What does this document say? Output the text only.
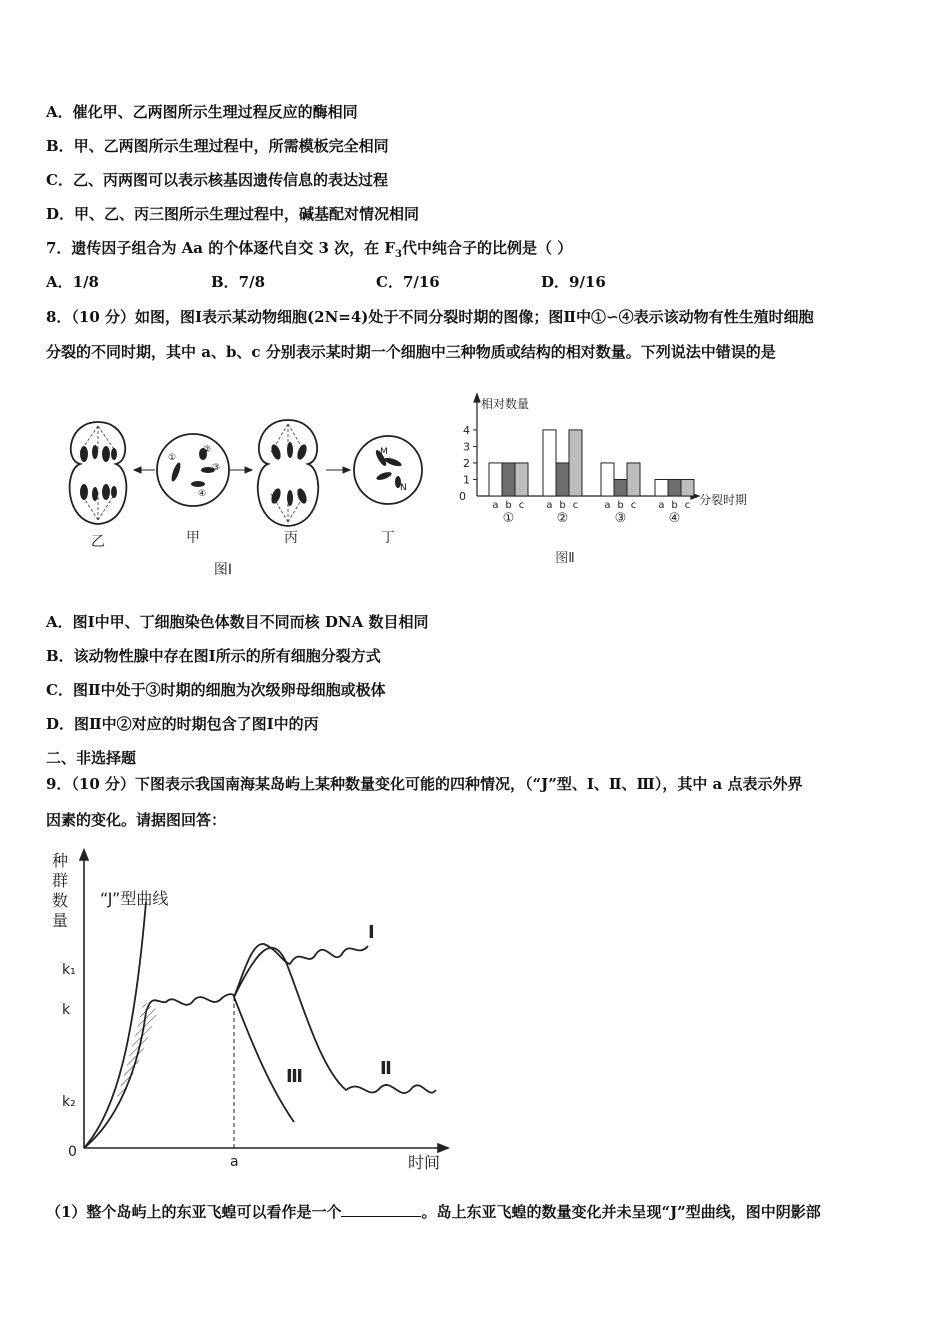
A．催化甲、乙两图所示生理过程反应的酶相同
B．甲、乙两图所示生理过程中，所需模板完全相同
C．乙、丙两图可以表示核基因遗传信息的表达过程
D．甲、乙、丙三图所示生理过程中，碱基配对情况相同
7．遗传因子组合为 Aa 的个体逐代自交 3 次，在 $F_3$代中纯合子的比例是（ ）
A．1/8	B．7/8	C．7/16	D．9/16
8．（10 分）如图，图Ⅰ表示某动物细胞(2N=4)处于不同分裂时期的图像；图Ⅱ中①∽④表示该动物有性生殖时细胞
分裂的不同时期，其中 a、b、c 分别表示某时期一个细胞中三种物质或结构的相对数量。下列说法中错误的是
①
②
③
④
M
N
乙	甲	丙	丁
图Ⅰ
相对数量
分裂时期
0
1
2
3
4
a b c
①
a b c
②
a b c
③
a b c
④
图Ⅱ
A．图Ⅰ中甲、丁细胞染色体数目不同而核 DNA 数目相同
B．该动物性腺中存在图Ⅰ所示的所有细胞分裂方式
C．图Ⅱ中处于③时期的细胞为次级卵母细胞或极体
D．图Ⅱ中②对应的时期包含了图Ⅰ中的丙
二、非选择题
9．（10 分）下图表示我国南海某岛屿上某种数量变化可能的四种情况，（“J”型、Ⅰ、Ⅱ、Ⅲ），其中 a 点表示外界
因素的变化。请据图回答：
种
群
数
量
k₁
k
k₂
0
a	时间
“J”型曲线
Ⅰ
Ⅱ
Ⅲ
（1）整个岛屿上的东亚飞蝗可以看作是一个	。岛上东亚飞蝗的数量变化并未呈现“J”型曲线，图中阴影部
